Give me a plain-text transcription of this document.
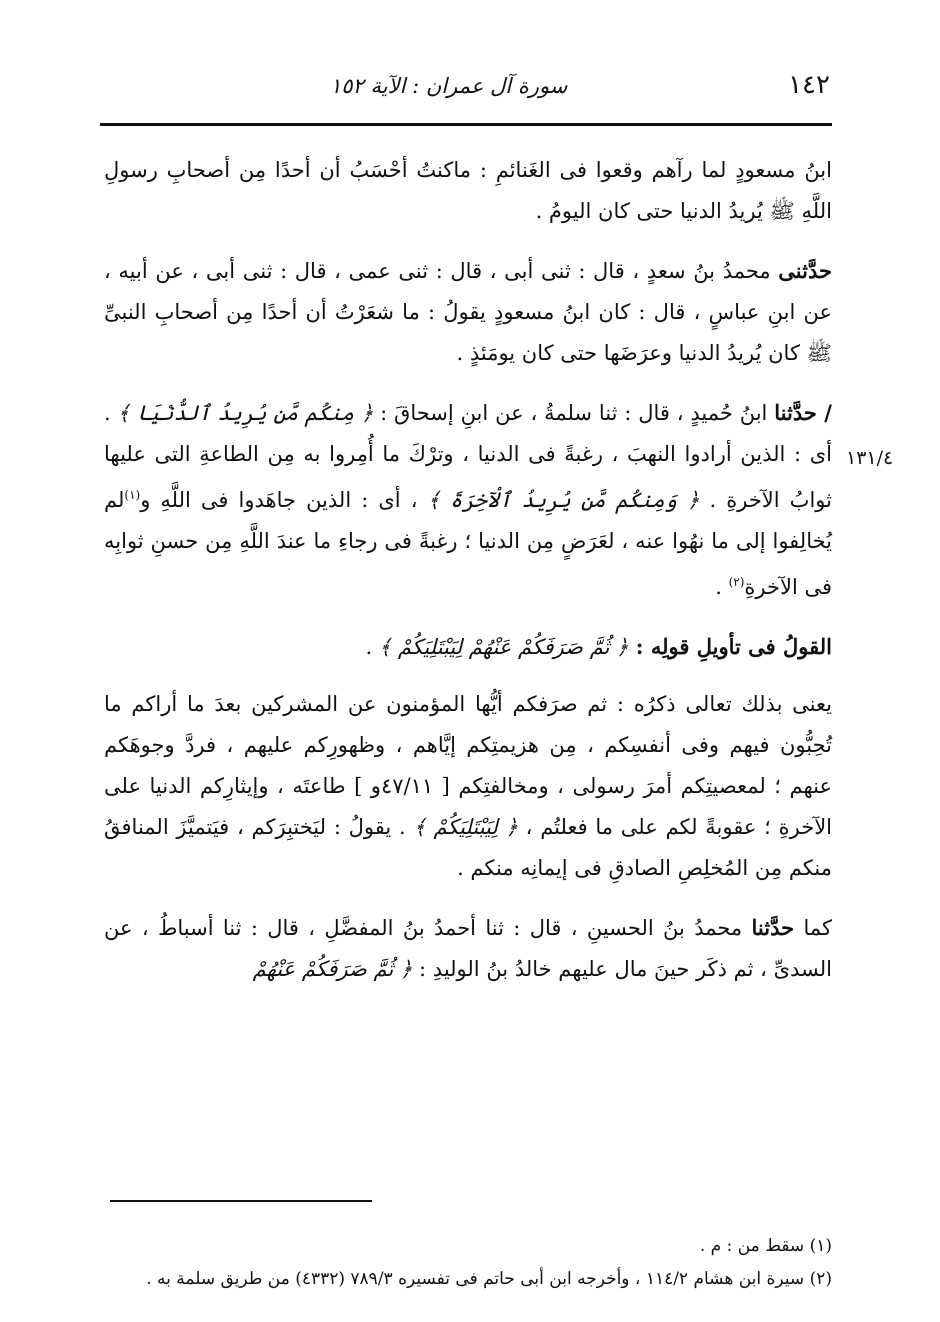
١٤٢
سورة آل عمران : الآية ١٥٢
١٣١/٤

ابنُ مسعودٍ لما رآهم وقعوا فى الغَنائمِ : ماكنتُ أحْسَبُ أن أحدًا مِن أصحابِ رسولِ اللَّهِ ﷺ يُريدُ الدنيا حتى كان اليومُ .

حدَّثنى محمدُ بنُ سعدٍ ، قال : ثنى أبى ، قال : ثنى عمى ، قال : ثنى أبى ، عن أبيه ، عن ابنِ عباسٍ ، قال : كان ابنُ مسعودٍ يقولُ : ما شعَرْتُ أن أحدًا مِن أصحابِ النبىِّ ﷺ كان يُريدُ الدنيا وعرَضَها حتى كان يومَئذٍ .

/ حدَّثنا ابنُ حُميدٍ ، قال : ثنا سلمةُ ، عن ابنِ إسحاقَ : ﴿ مِنكُم مَّن يُرِيدُ ٱلدُّنْيَا ﴾ . أى : الذين أرادوا النهبَ ، رغبةً فى الدنيا ، وترْكَ ما أُمِروا به مِن الطاعةِ التى عليها ثوابُ الآخرةِ . ﴿ وَمِنكُم مَّن يُرِيدُ ٱلْآخِرَةَ ﴾ ، أى : الذين جاهَدوا فى اللَّهِ و$^{(١)}$لم يُخالِفوا إلى ما نهُوا عنه ، لعَرَضٍ مِن الدنيا ؛ رغبةً فى رجاءِ ما عندَ اللَّهِ مِن حسنِ ثوابِه فى الآخرةِ$^{(٢)}$ .

القولُ فى تأويلِ قولِه : ﴿ ثُمَّ صَرَفَكُمْ عَنْهُمْ لِيَبْتَلِيَكُمْ ﴾ .

يعنى بذلك تعالى ذكرُه : ثم صرَفكم أيُّها المؤمنون عن المشركين بعدَ ما أراكم ما تُحِبُّون فيهم وفى أنفسِكم ، مِن هزيمتِكم إيَّاهم ، وظهورِكم عليهم ، فردَّ وجوهَكم عنهم ؛ لمعصيتِكم أمرَ رسولى ، ومخالفتِكم [ ٤٧/١١و ] طاعتَه ، وإيثارِكم الدنيا على الآخرةِ ؛ عقوبةً لكم على ما فعلتُم ، ﴿ لِيَبْتَلِيَكُمْ ﴾ . يقولُ : ليَختبِرَكم ، فيَتميَّزَ المنافقُ منكم مِن المُخلِصِ الصادقِ فى إيمانِه منكم .

كما حدَّثنا محمدُ بنُ الحسينِ ، قال : ثنا أحمدُ بنُ المفضَّلِ ، قال : ثنا أسباطُ ، عن السدىِّ ، ثم ذكَر حينَ مال عليهم خالدُ بنُ الوليدِ : ﴿ ثُمَّ صَرَفَكُمْ عَنْهُمْ

(١) سقط من : م .

(٢) سيرة ابن هشام ١١٤/٢ ، وأخرجه ابن أبى حاتم فى تفسيره ٧٨٩/٣ (٤٣٣٢) من طريق سلمة به .
